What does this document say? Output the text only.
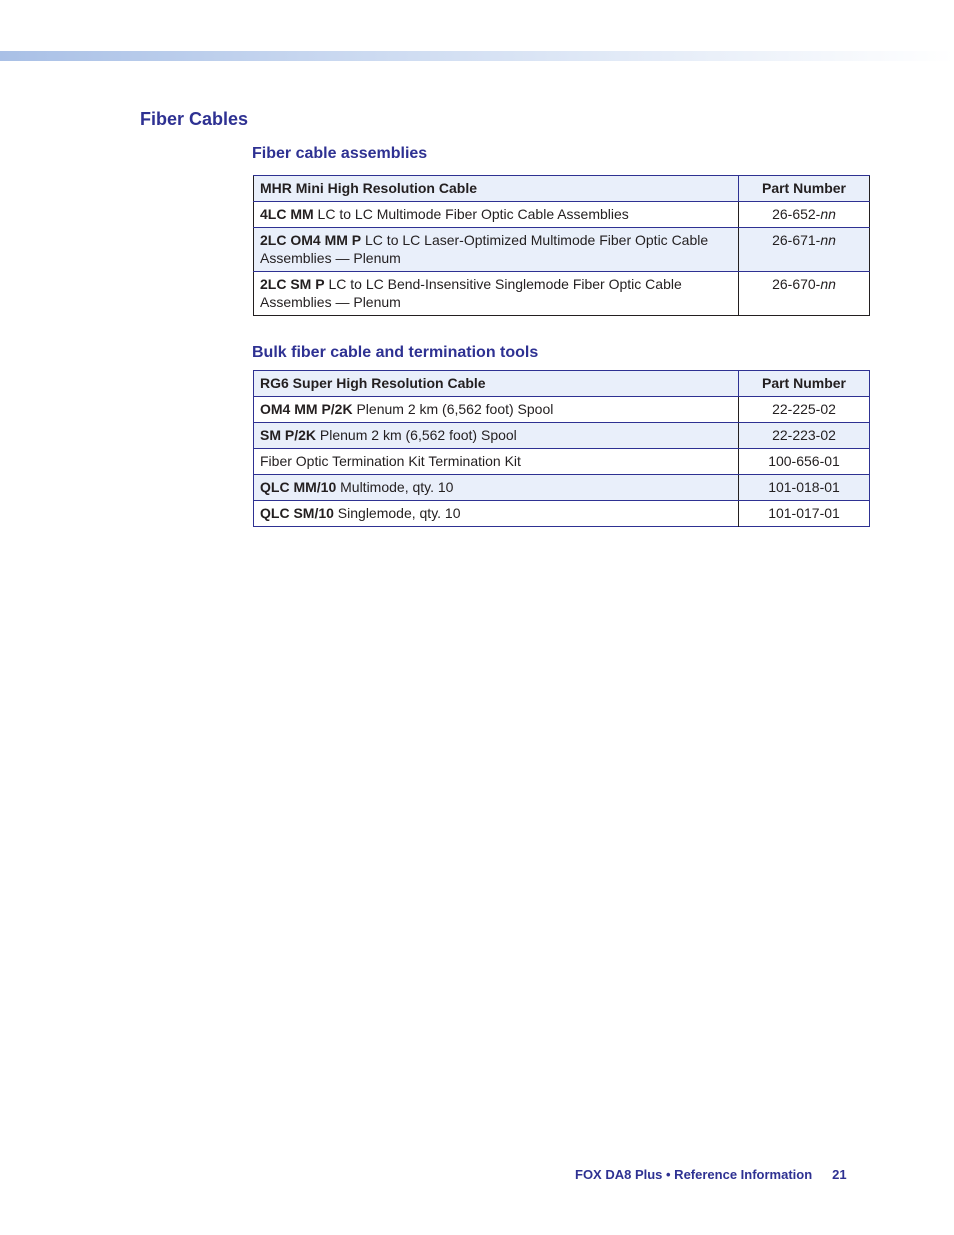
Fiber Cables
Fiber cable assemblies
MHR Mini High Resolution Cable	Part Number
4LC MM LC to LC Multimode Fiber Optic Cable Assemblies	26-652-nn
2LC OM4 MM P LC to LC Laser-Optimized Multimode Fiber Optic Cable Assemblies — Plenum	26-671-nn
2LC SM P LC to LC Bend-Insensitive Singlemode Fiber Optic Cable Assemblies — Plenum	26-670-nn
Bulk fiber cable and termination tools
RG6 Super High Resolution Cable	Part Number
OM4 MM P/2K Plenum 2 km (6,562 foot) Spool	22-225-02
SM P/2K Plenum 2 km (6,562 foot) Spool	22-223-02
Fiber Optic Termination Kit Termination Kit	100-656-01
QLC MM/10 Multimode, qty. 10	101-018-01
QLC SM/10 Singlemode, qty. 10	101-017-01
FOX DA8 Plus • Reference Information 21
